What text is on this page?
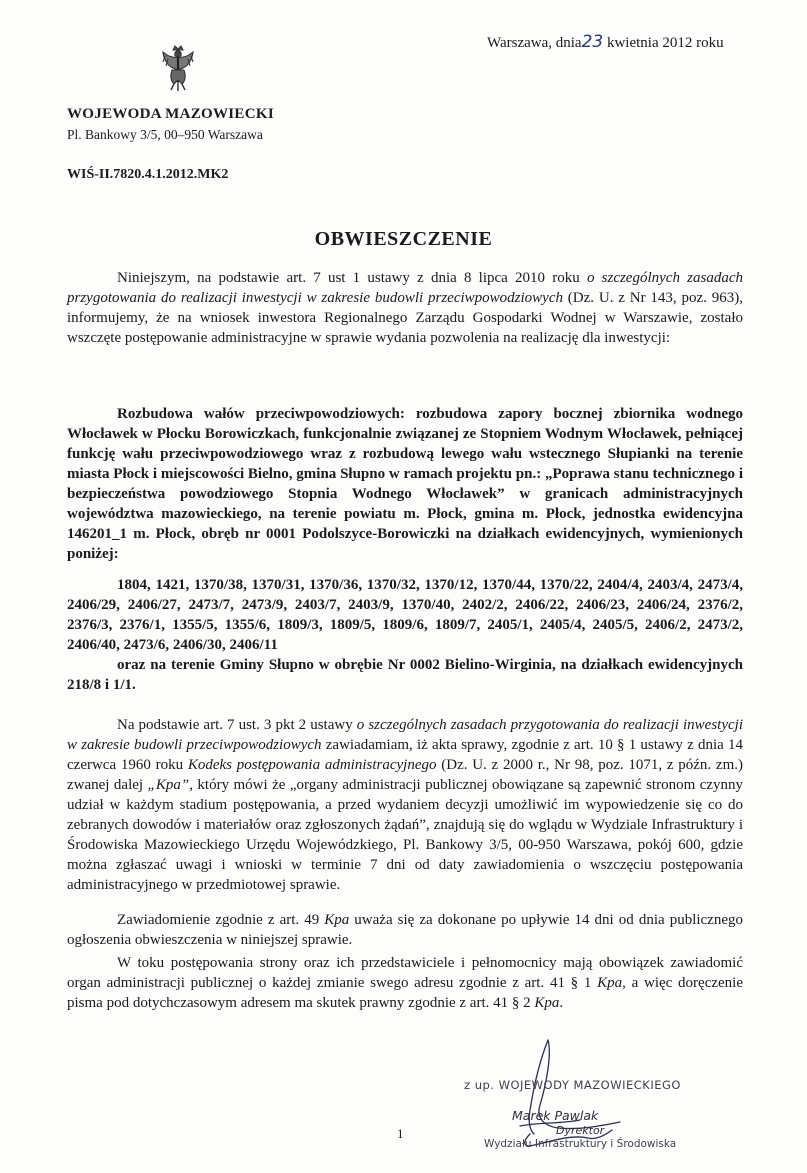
Warszawa, dnia23 kwietnia 2012 roku
WOJEWODA MAZOWIECKI
Pl. Bankowy 3/5, 00–950 Warszawa
WIŚ-II.7820.4.1.2012.MK2
OBWIESZCZENIE
Niniejszym, na podstawie art. 7 ust 1 ustawy z dnia 8 lipca 2010 roku o szczególnych zasadach przygotowania do realizacji inwestycji w zakresie budowli przeciwpowodziowych (Dz. U. z Nr 143, poz. 963), informujemy, że na wniosek inwestora Regionalnego Zarządu Gospodarki Wodnej w Warszawie, zostało wszczęte postępowanie administracyjne w sprawie wydania pozwolenia na realizację dla inwestycji:
Rozbudowa wałów przeciwpowodziowych: rozbudowa zapory bocznej zbiornika wodnego Włocławek w Płocku Borowiczkach, funkcjonalnie związanej ze Stopniem Wodnym Włocławek, pełniącej funkcję wału przeciwpowodziowego wraz z rozbudową lewego wału wstecznego Słupianki na terenie miasta Płock i miejscowości Bielno, gmina Słupno w ramach projektu pn.: „Poprawa stanu technicznego i bezpieczeństwa powodziowego Stopnia Wodnego Włocławek” w granicach administracyjnych województwa mazowieckiego, na terenie powiatu m. Płock, gmina m. Płock, jednostka ewidencyjna 146201_1 m. Płock, obręb nr 0001 Podolszyce-Borowiczki na działkach ewidencyjnych, wymienionych poniżej:
1804, 1421, 1370/38, 1370/31, 1370/36, 1370/32, 1370/12, 1370/44, 1370/22, 2404/4, 2403/4, 2473/4, 2406/29, 2406/27, 2473/7, 2473/9, 2403/7, 2403/9, 1370/40, 2402/2, 2406/22, 2406/23, 2406/24, 2376/2, 2376/3, 2376/1, 1355/5, 1355/6, 1809/3, 1809/5, 1809/6, 1809/7, 2405/1, 2405/4, 2405/5, 2406/2, 2473/2, 2406/40, 2473/6, 2406/30, 2406/11
oraz na terenie Gminy Słupno w obrębie Nr 0002 Bielino-Wirginia, na działkach ewidencyjnych 218/8 i 1/1.
Na podstawie art. 7 ust. 3 pkt 2 ustawy o szczególnych zasadach przygotowania do realizacji inwestycji w zakresie budowli przeciwpowodziowych zawiadamiam, iż akta sprawy, zgodnie z art. 10 § 1 ustawy z dnia 14 czerwca 1960 roku Kodeks postępowania administracyjnego (Dz. U. z 2000 r., Nr 98, poz. 1071, z późn. zm.) zwanej dalej „Kpa”, który mówi że „organy administracji publicznej obowiązane są zapewnić stronom czynny udział w każdym stadium postępowania, a przed wydaniem decyzji umożliwić im wypowiedzenie się co do zebranych dowodów i materiałów oraz zgłoszonych żądań”, znajdują się do wglądu w Wydziale Infrastruktury i Środowiska Mazowieckiego Urzędu Wojewódzkiego, Pl. Bankowy 3/5, 00-950 Warszawa, pokój 600, gdzie można zgłaszać uwagi i wnioski w terminie 7 dni od daty zawiadomienia o wszczęciu postępowania administracyjnego w przedmiotowej sprawie.
Zawiadomienie zgodnie z art. 49 Kpa uważa się za dokonane po upływie 14 dni od dnia publicznego ogłoszenia obwieszczenia w niniejszej sprawie.
W toku postępowania strony oraz ich przedstawiciele i pełnomocnicy mają obowiązek zawiadomić organ administracji publicznej o każdej zmianie swego adresu zgodnie z art. 41 § 1 Kpa, a więc doręczenie pisma pod dotychczasowym adresem ma skutek prawny zgodnie z art. 41 § 2 Kpa.
z up. WOJEWODY MAZOWIECKIEGO
Marek Pawlak
Dyrektor
Wydziału Infrastruktury i Środowiska
1
